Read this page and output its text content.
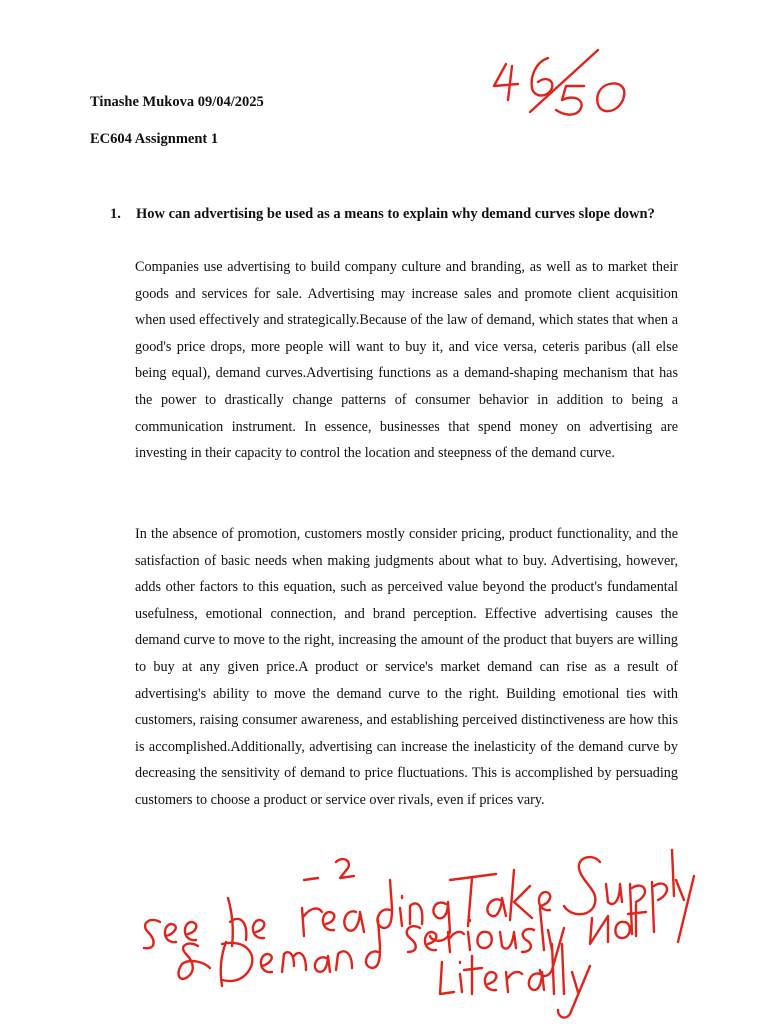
Tinashe Mukova 09/04/2025
EC604 Assignment 1
1. How can advertising be used as a means to explain why demand curves slope down?

Companies use advertising to build company culture and branding, as well as to market their goods and services for sale. Advertising may increase sales and promote client acquisition when used effectively and strategically.Because of the law of demand, which states that when a good's price drops, more people will want to buy it, and vice versa, ceteris paribus (all else being equal), demand curves.Advertising functions as a demand-shaping mechanism that has the power to drastically change patterns of consumer behavior in addition to being a communication instrument. In essence, businesses that spend money on advertising are investing in their capacity to control the location and steepness of the demand curve.

In the absence of promotion, customers mostly consider pricing, product functionality, and the satisfaction of basic needs when making judgments about what to buy. Advertising, however, adds other factors to this equation, such as perceived value beyond the product's fundamental usefulness, emotional connection, and brand perception. Effective advertising causes the demand curve to move to the right, increasing the amount of the product that buyers are willing to buy at any given price.A product or service's market demand can rise as a result of advertising's ability to move the demand curve to the right. Building emotional ties with customers, raising consumer awareness, and establishing perceived distinctiveness are how this is accomplished.Additionally, advertising can increase the inelasticity of the demand curve by decreasing the sensitivity of demand to price fluctuations. This is accomplished by persuading customers to choose a product or service over rivals, even if prices vary.
